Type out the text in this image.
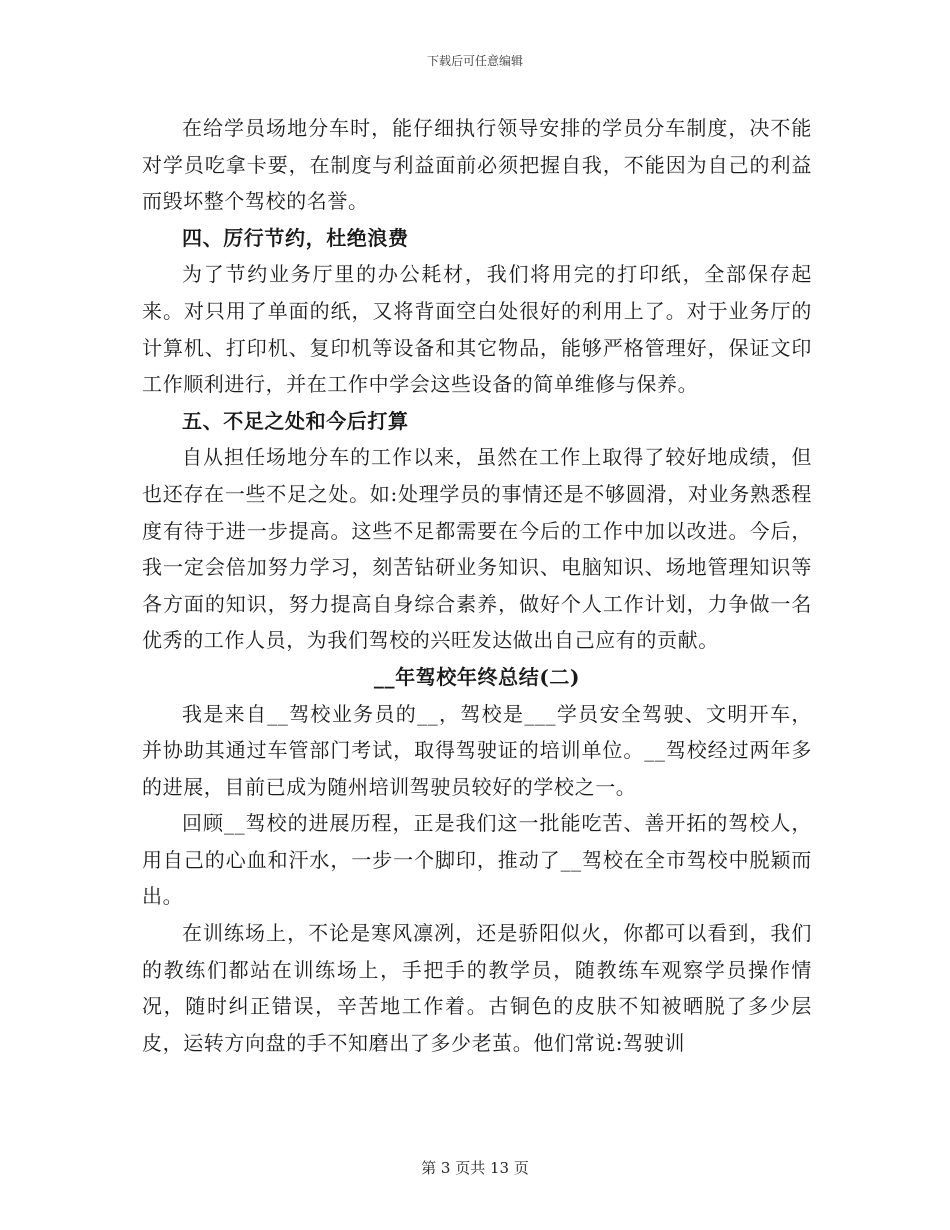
下载后可任意编辑

在给学员场地分车时，能仔细执行领导安排的学员分车制度，决不能对学员吃拿卡要，在制度与利益面前必须把握自我，不能因为自己的利益而毁坏整个驾校的名誉。

四、厉行节约，杜绝浪费

为了节约业务厅里的办公耗材，我们将用完的打印纸，全部保存起来。对只用了单面的纸，又将背面空白处很好的利用上了。对于业务厅的计算机、打印机、复印机等设备和其它物品，能够严格管理好，保证文印工作顺利进行，并在工作中学会这些设备的简单维修与保养。

五、不足之处和今后打算

自从担任场地分车的工作以来，虽然在工作上取得了较好地成绩，但也还存在一些不足之处。如:处理学员的事情还是不够圆滑，对业务熟悉程度有待于进一步提高。这些不足都需要在今后的工作中加以改进。今后，我一定会倍加努力学习，刻苦钻研业务知识、电脑知识、场地管理知识等各方面的知识，努力提高自身综合素养，做好个人工作计划，力争做一名优秀的工作人员，为我们驾校的兴旺发达做出自己应有的贡献。

__年驾校年终总结(二)

我是来自__驾校业务员的__，驾校是___学员安全驾驶、文明开车，并协助其通过车管部门考试，取得驾驶证的培训单位。__驾校经过两年多的进展，目前已成为随州培训驾驶员较好的学校之一。

回顾__驾校的进展历程，正是我们这一批能吃苦、善开拓的驾校人，用自己的心血和汗水，一步一个脚印，推动了__驾校在全市驾校中脱颖而出。

在训练场上，不论是寒风凛冽，还是骄阳似火，你都可以看到，我们的教练们都站在训练场上，手把手的教学员，随教练车观察学员操作情况，随时纠正错误，辛苦地工作着。古铜色的皮肤不知被晒脱了多少层皮，运转方向盘的手不知磨出了多少老茧。他们常说:驾驶训

第 3 页共 13 页
